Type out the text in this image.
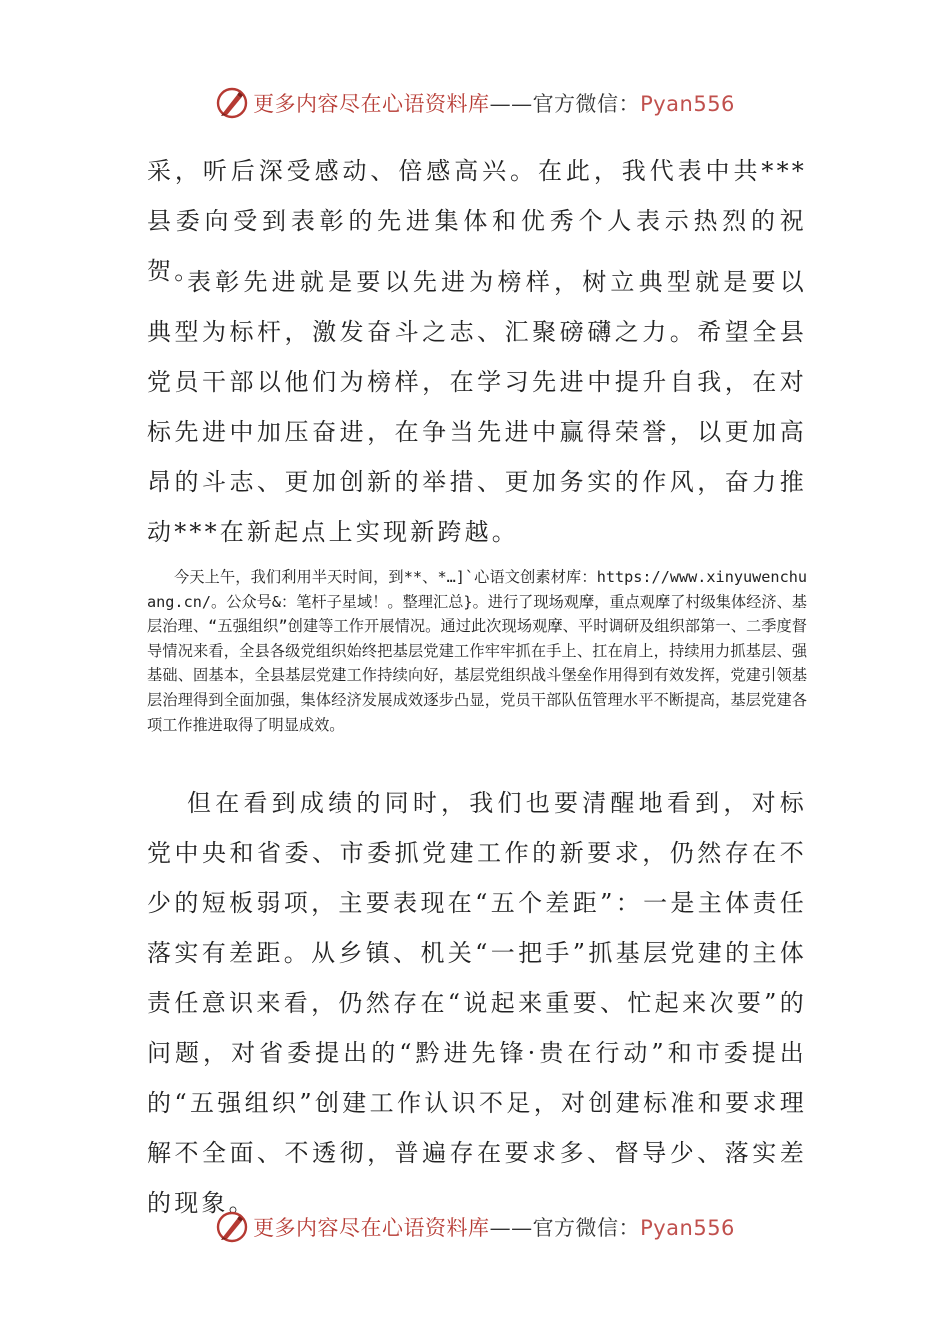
更多内容尽在心语资料库——官方微信：Pyan556

采，听后深受感动、倍感高兴。在此，我代表中共***县委向受到表彰的先进集体和优秀个人表示热烈的祝贺。

表彰先进就是要以先进为榜样，树立典型就是要以典型为标杆，激发奋斗之志、汇聚磅礴之力。希望全县党员干部以他们为榜样，在学习先进中提升自我，在对标先进中加压奋进，在争当先进中赢得荣誉，以更加高昂的斗志、更加创新的举措、更加务实的作风，奋力推动***在新起点上实现新跨越。

今天上午，我们利用半天时间，到**、*…]`心语文创素材库：https://www.xinyuwenchuang.cn/。公众号&：笔杆子星域！。整理汇总}。进行了现场观摩，重点观摩了村级集体经济、基层治理、“五强组织”创建等工作开展情况。通过此次现场观摩、平时调研及组织部第一、二季度督导情况来看，全县各级党组织始终把基层党建工作牢牢抓在手上、扛在肩上，持续用力抓基层、强基础、固基本，全县基层党建工作持续向好，基层党组织战斗堡垒作用得到有效发挥，党建引领基层治理得到全面加强，集体经济发展成效逐步凸显，党员干部队伍管理水平不断提高，基层党建各项工作推进取得了明显成效。

但在看到成绩的同时，我们也要清醒地看到，对标党中央和省委、市委抓党建工作的新要求，仍然存在不少的短板弱项，主要表现在“五个差距”：一是主体责任落实有差距。从乡镇、机关“一把手”抓基层党建的主体责任意识来看，仍然存在“说起来重要、忙起来次要”的问题，对省委提出的“黔进先锋·贵在行动”和市委提出的“五强组织”创建工作认识不足，对创建标准和要求理解不全面、不透彻，普遍存在要求多、督导少、落实差的现象。

更多内容尽在心语资料库——官方微信：Pyan556
